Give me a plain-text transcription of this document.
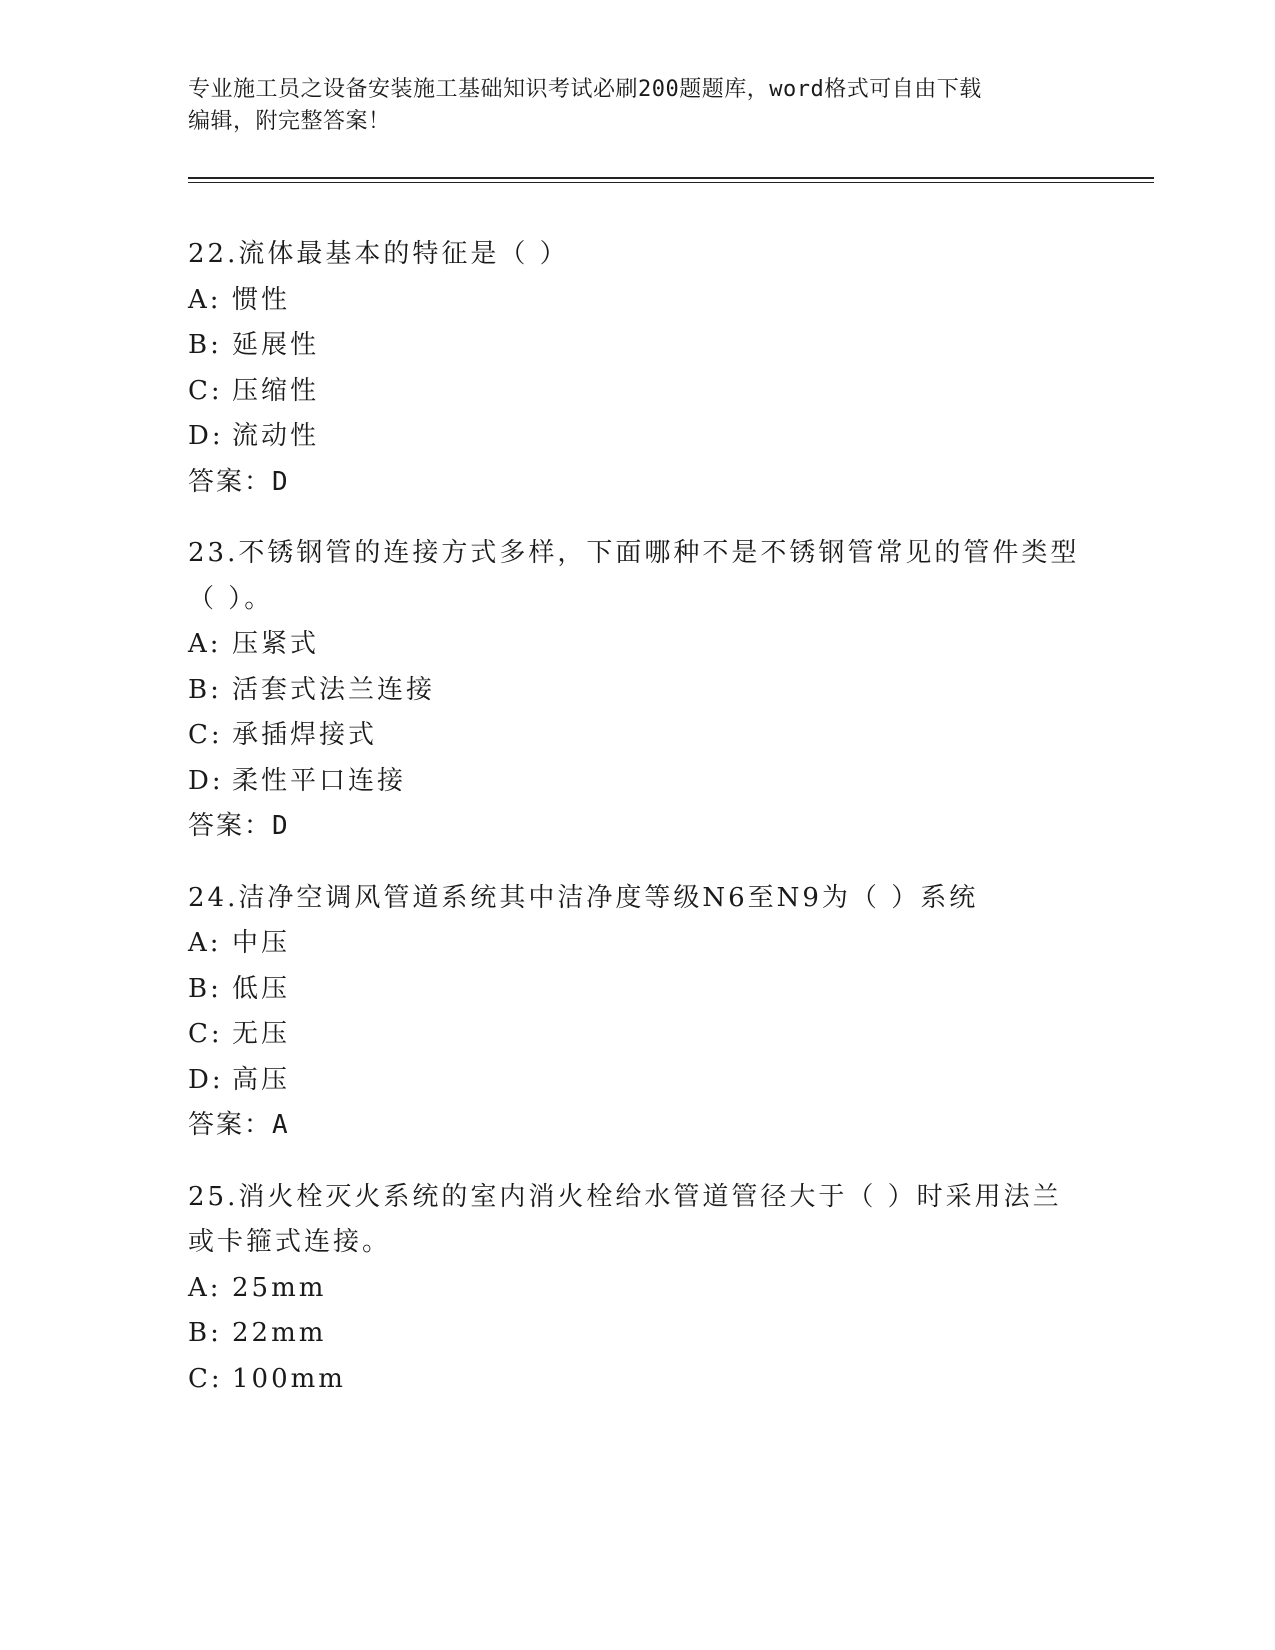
专业施工员之设备安装施工基础知识考试必刷200题题库，word格式可自由下载
编辑，附完整答案！
22.流体最基本的特征是（ ）
A: 惯性
B: 延展性
C: 压缩性
D: 流动性
答案：D
23.不锈钢管的连接方式多样，下面哪种不是不锈钢管常见的管件类型
（ ）。
A: 压紧式
B: 活套式法兰连接
C: 承插焊接式
D: 柔性平口连接
答案：D
24.洁净空调风管道系统其中洁净度等级N6至N9为（ ）系统
A: 中压
B: 低压
C: 无压
D: 高压
答案：A
25.消火栓灭火系统的室内消火栓给水管道管径大于（ ）时采用法兰
或卡箍式连接。
A: 25mm
B: 22mm
C: 100mm
